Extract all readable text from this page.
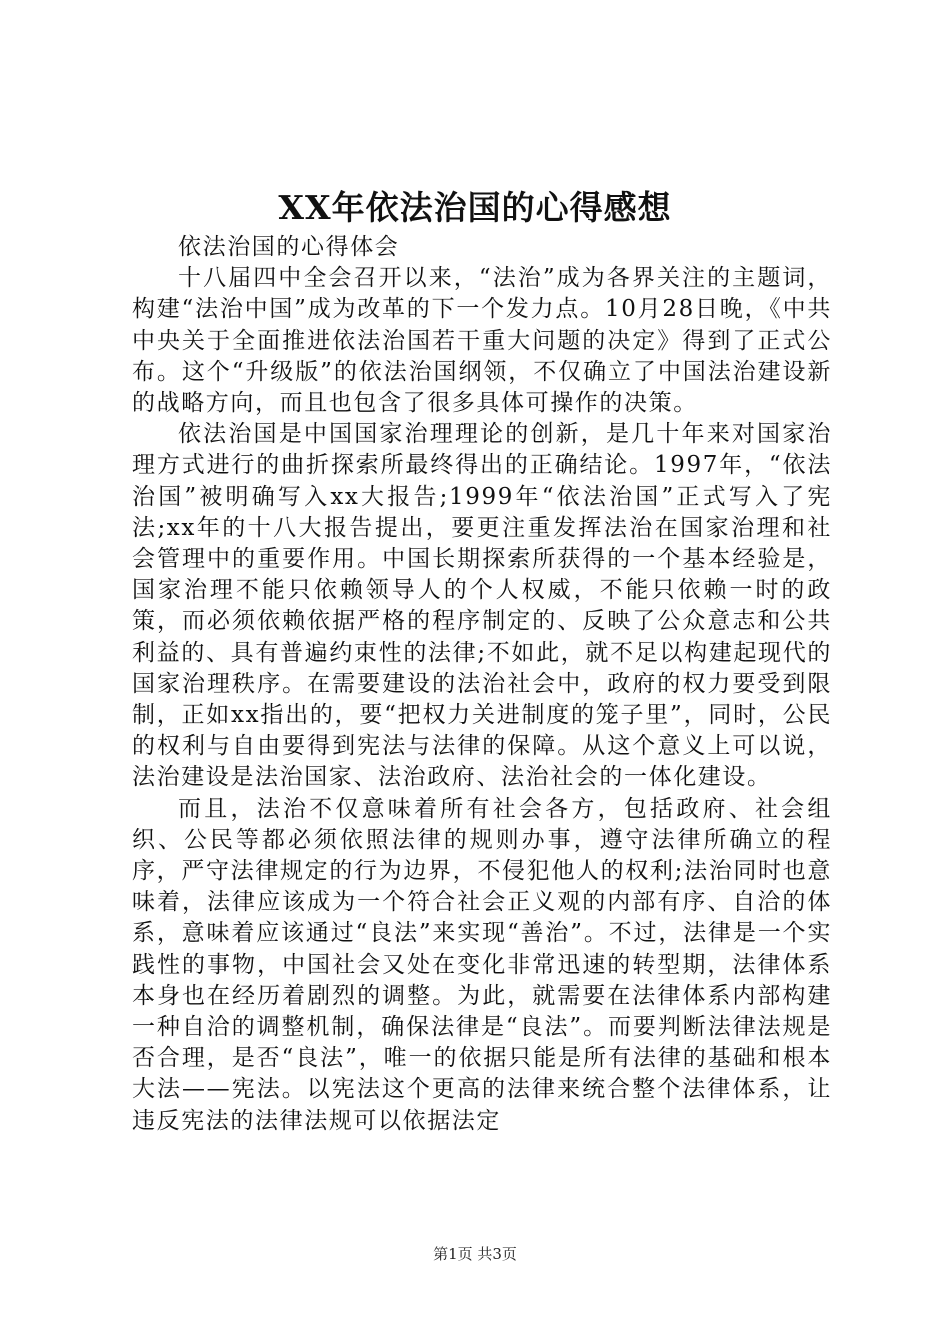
XX年依法治国的心得感想

依法治国的心得体会

十八届四中全会召开以来，“法治”成为各界关注的主题词，构建“法治中国”成为改革的下一个发力点。10月28日晚，《中共中央关于全面推进依法治国若干重大问题的决定》得到了正式公布。这个“升级版”的依法治国纲领，不仅确立了中国法治建设新的战略方向，而且也包含了很多具体可操作的决策。

依法治国是中国国家治理理论的创新，是几十年来对国家治理方式进行的曲折探索所最终得出的正确结论。1997年，“依法治国”被明确写入xx大报告;1999年“依法治国”正式写入了宪法;xx年的十八大报告提出，要更注重发挥法治在国家治理和社会管理中的重要作用。中国长期探索所获得的一个基本经验是，国家治理不能只依赖领导人的个人权威，不能只依赖一时的政策，而必须依赖依据严格的程序制定的、反映了公众意志和公共利益的、具有普遍约束性的法律;不如此，就不足以构建起现代的国家治理秩序。在需要建设的法治社会中，政府的权力要受到限制，正如xx指出的，要“把权力关进制度的笼子里”，同时，公民的权利与自由要得到宪法与法律的保障。从这个意义上可以说，法治建设是法治国家、法治政府、法治社会的一体化建设。

而且，法治不仅意味着所有社会各方，包括政府、社会组织、公民等都必须依照法律的规则办事，遵守法律所确立的程序，严守法律规定的行为边界，不侵犯他人的权利;法治同时也意味着，法律应该成为一个符合社会正义观的内部有序、自洽的体系，意味着应该通过“良法”来实现“善治”。不过，法律是一个实践性的事物，中国社会又处在变化非常迅速的转型期，法律体系本身也在经历着剧烈的调整。为此，就需要在法律体系内部构建一种自洽的调整机制，确保法律是“良法”。而要判断法律法规是否合理，是否“良法”，唯一的依据只能是所有法律的基础和根本大法——宪法。以宪法这个更高的法律来统合整个法律体系，让违反宪法的法律法规可以依据法定

第1页 共3页
